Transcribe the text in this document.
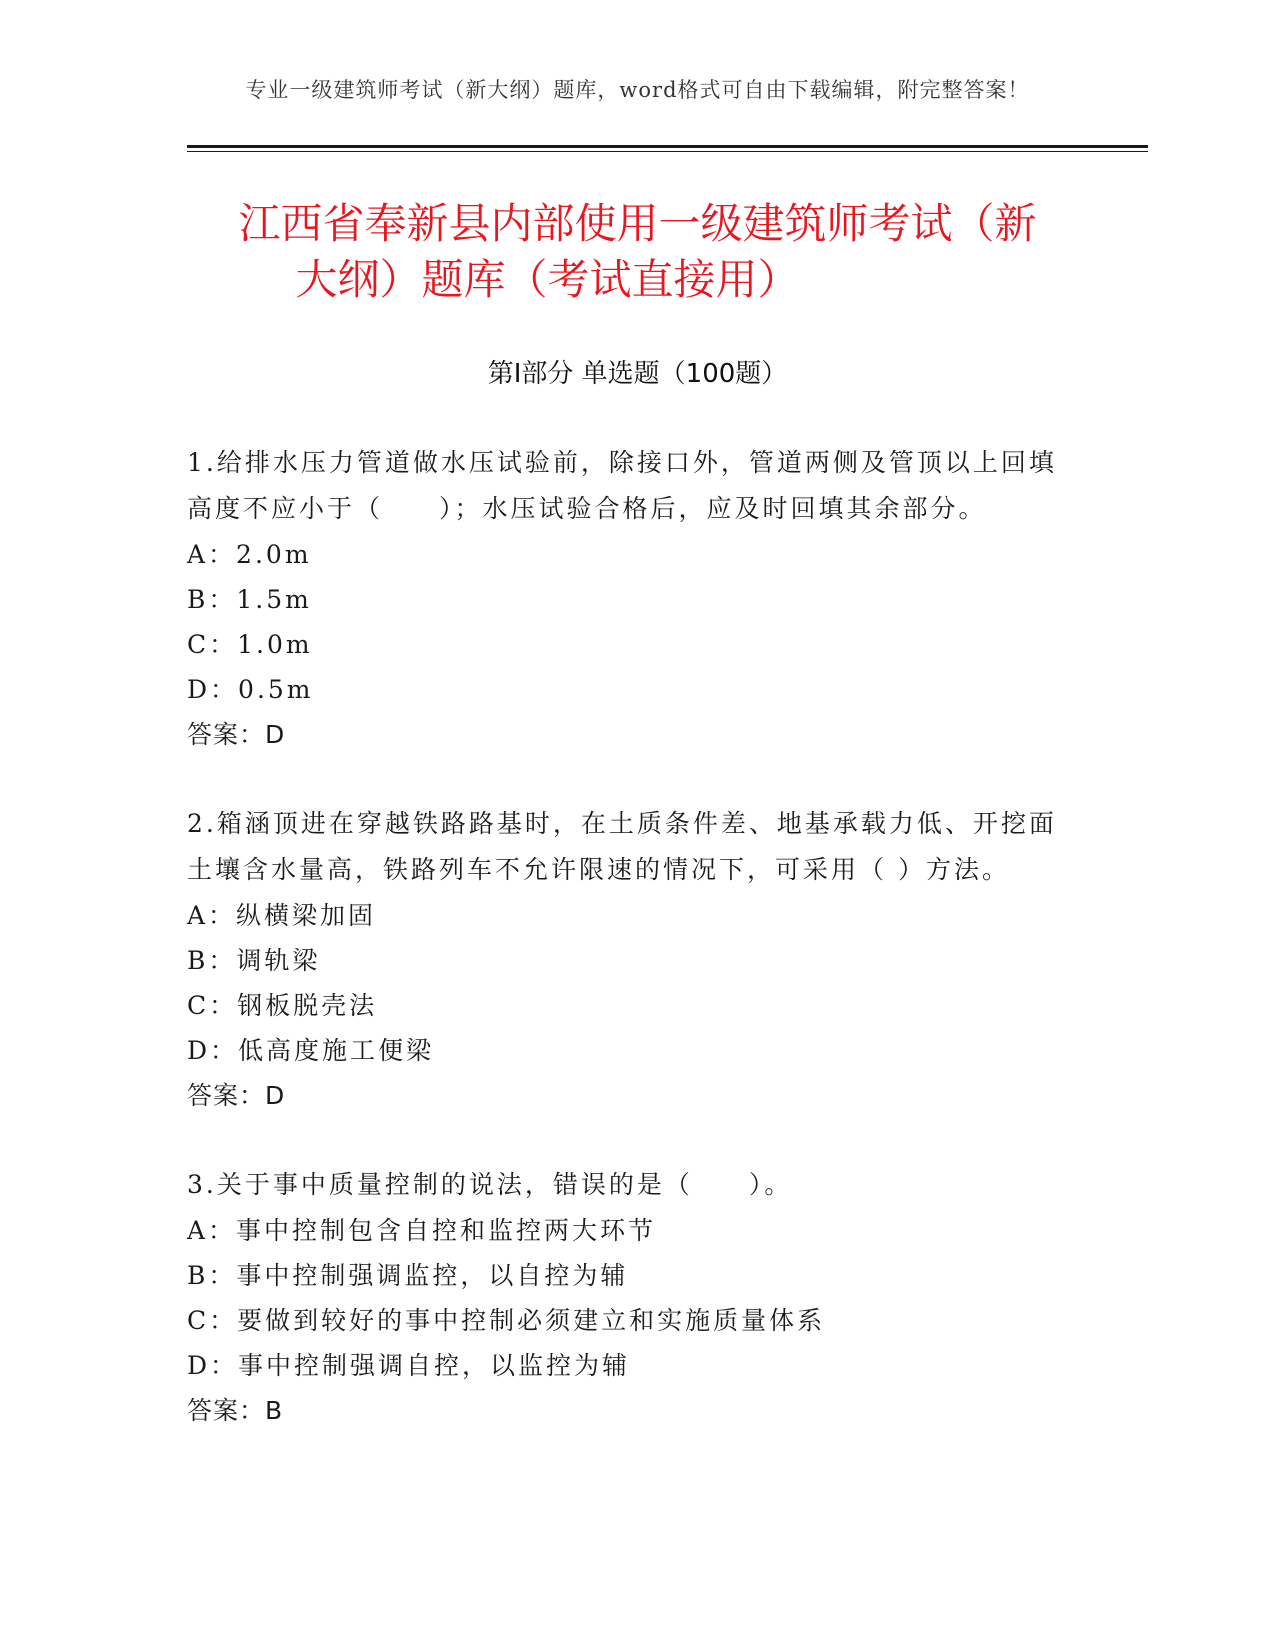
专业一级建筑师考试（新大纲）题库，word格式可自由下载编辑，附完整答案！
江西省奉新县内部使用一级建筑师考试（新
大纲）题库（考试直接用）
第Ⅰ部分 单选题（100题）

1.给排水压力管道做水压试验前，除接口外，管道两侧及管顶以上回填高度不应小于（　　）；水压试验合格后，应及时回填其余部分。

A：2.0m
B：1.5m
C：1.0m
D：0.5m
答案：D

2.箱涵顶进在穿越铁路路基时，在土质条件差、地基承载力低、开挖面土壤含水量高，铁路列车不允许限速的情况下，可采用（ ）方法。

A：纵横梁加固
B：调轨梁
C：钢板脱壳法
D：低高度施工便梁
答案：D

3.关于事中质量控制的说法，错误的是（　　）。

A：事中控制包含自控和监控两大环节
B：事中控制强调监控，以自控为辅
C：要做到较好的事中控制必须建立和实施质量体系
D：事中控制强调自控，以监控为辅
答案：B
